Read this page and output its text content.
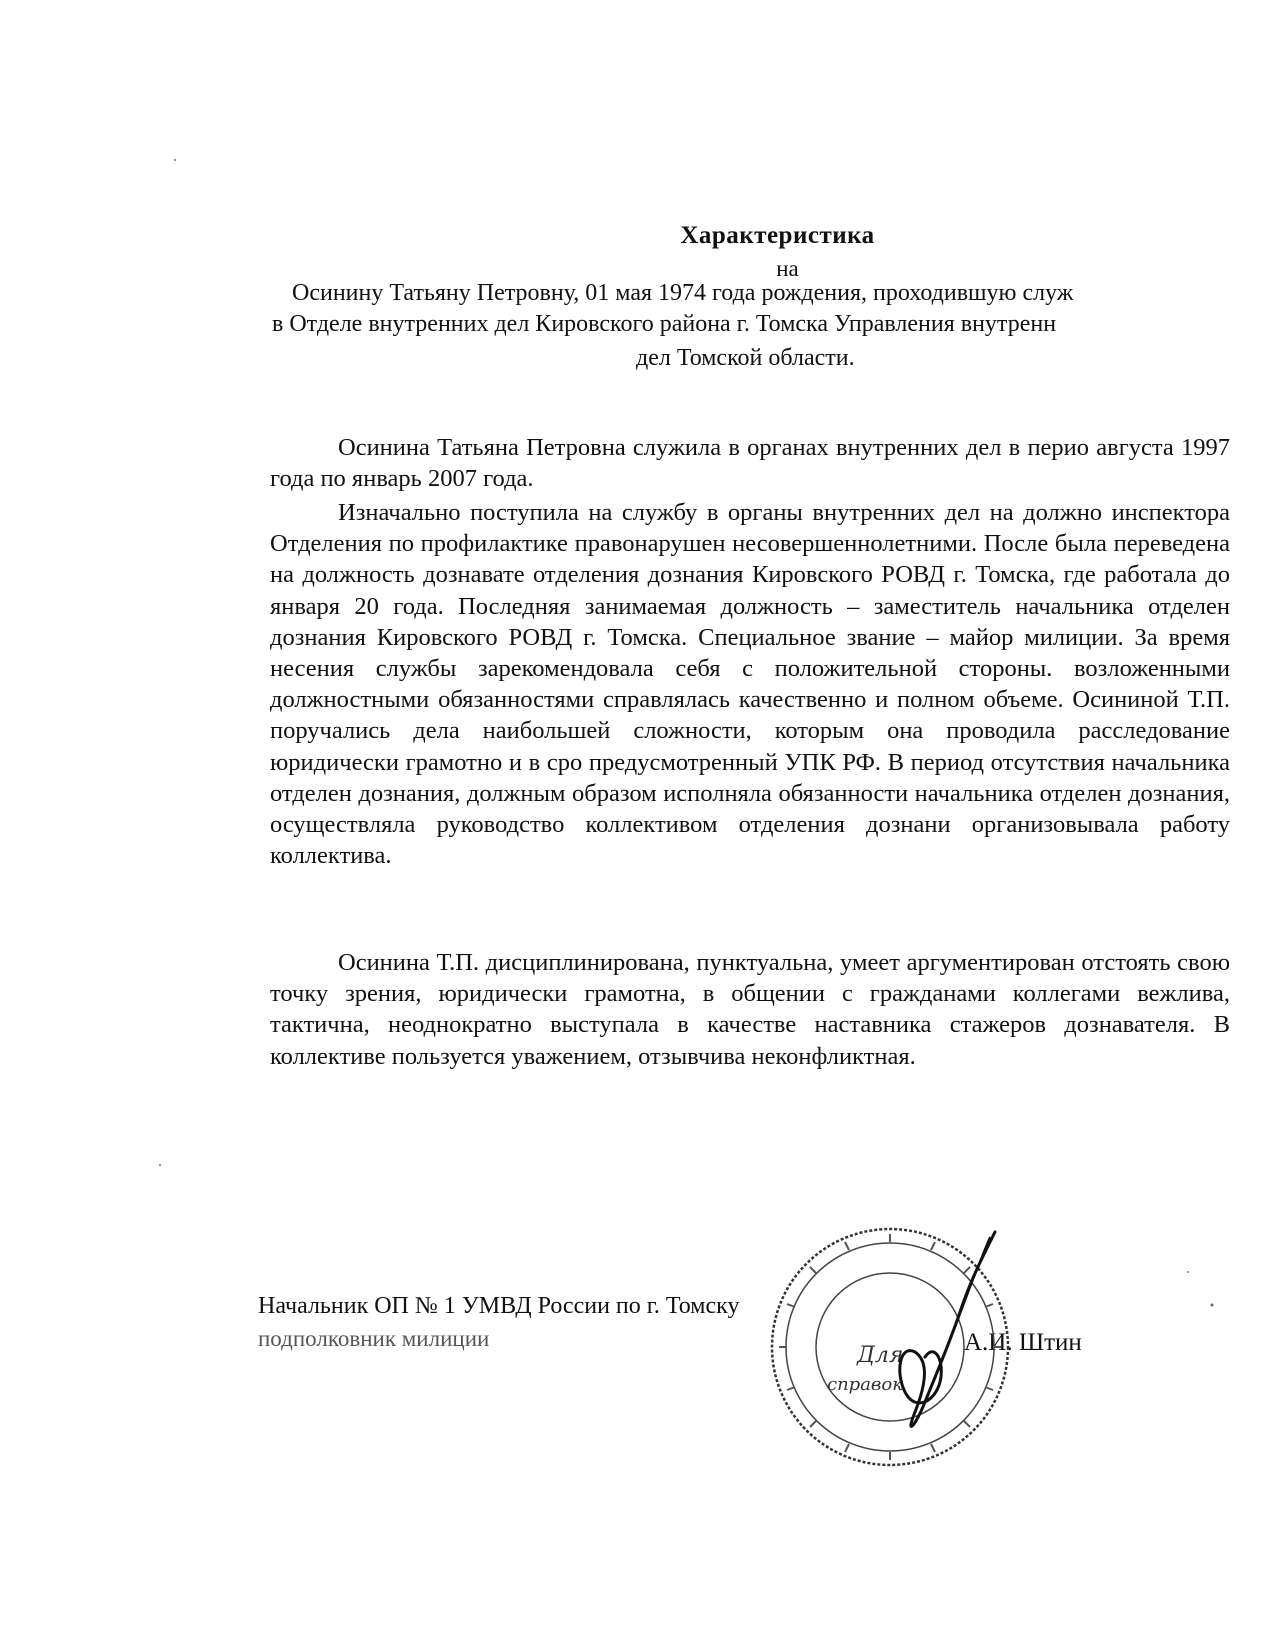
Характеристика
на
Осинину Татьяну Петровну, 01 мая 1974 года рождения, проходившую служ
в Отделе внутренних дел Кировского района г. Томска Управления внутренн
дел Томской области.

Осинина Татьяна Петровна служила в органах внутренних дел в перио августа 1997 года по январь 2007 года.

Изначально поступила на службу в органы внутренних дел на должно инспектора Отделения по профилактике правонарушен несовершеннолетними. После была переведена на должность дознавате отделения дознания Кировского РОВД г. Томска, где работала до января 20 года. Последняя занимаемая должность – заместитель начальника отделен дознания Кировского РОВД г. Томска. Специальное звание – майор милиции. За время несения службы зарекомендовала себя с положительной стороны. возложенными должностными обязанностями справлялась качественно и полном объеме. Осининой Т.П. поручались дела наибольшей сложности, которым она проводила расследование юридически грамотно и в сро предусмотренный УПК РФ. В период отсутствия начальника отделен дознания, должным образом исполняла обязанности начальника отделен дознания, осуществляла руководство коллективом отделения дознани организовывала работу коллектива.

Осинина Т.П. дисциплинирована, пунктуальна, умеет аргументирован отстоять свою точку зрения, юридически грамотна, в общении с гражданами коллегами вежлива, тактична, неоднократно выступала в качестве наставника стажеров дознавателя. В коллективе пользуется уважением, отзывчива неконфликтная.

Начальник ОП № 1 УМВД России по г. Томску
подполковник милиции	А.И. Штин
Для
справок
